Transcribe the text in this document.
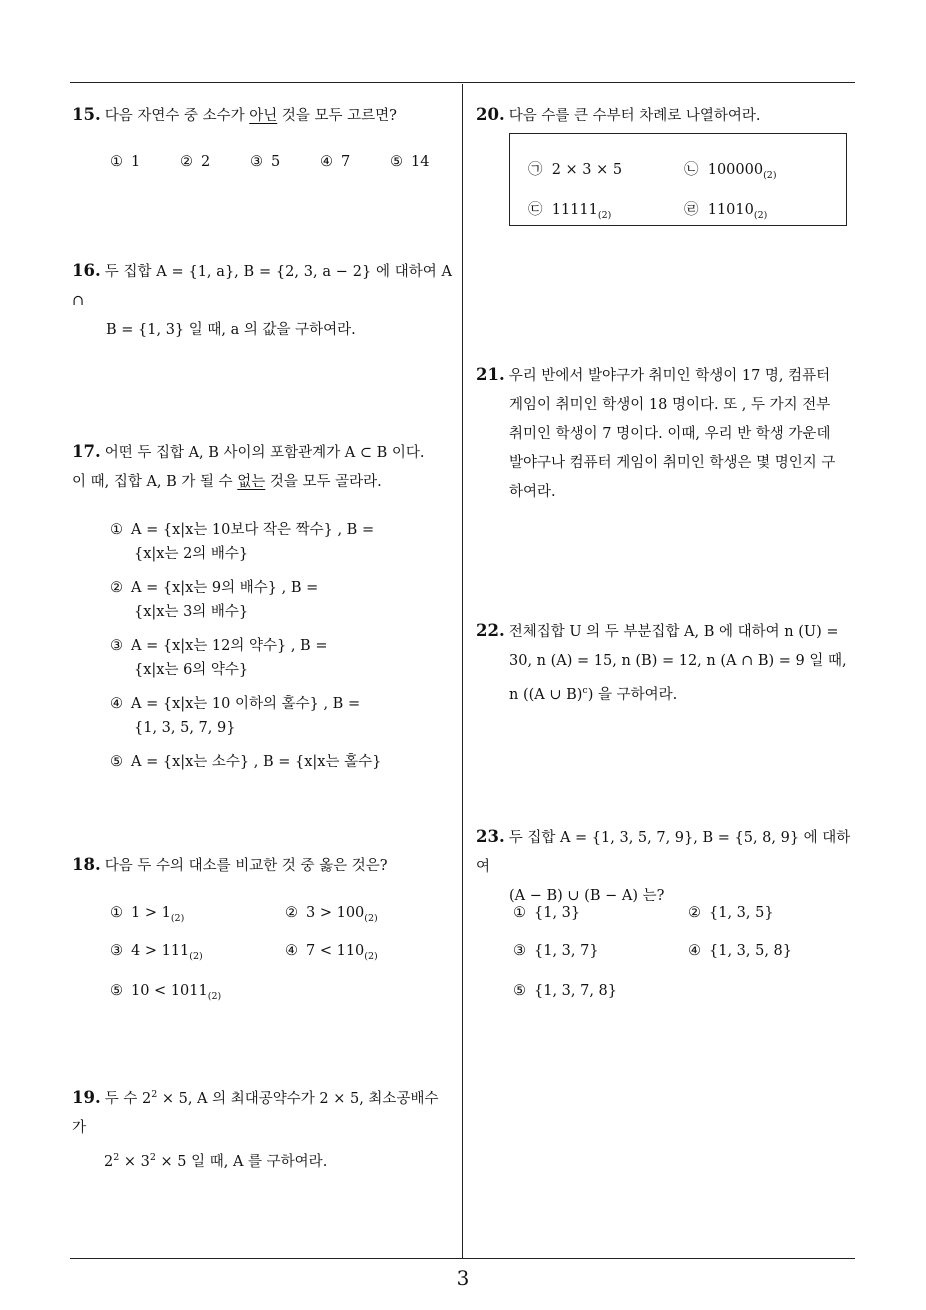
15. 다음 자연수 중 소수가 아닌 것을 모두 고르면?
① 1	② 2	③ 5	④ 7	⑤ 14
16. 두 집합 A = {1, a}, B = {2, 3, a − 2} 에 대하여 A ∩
B = {1, 3} 일 때, a 의 값을 구하여라.
17. 어떤 두 집합 A, B 사이의 포함관계가 A ⊂ B 이다.
이 때, 집합 A, B 가 될 수 없는 것을 모두 골라라.
① A = {x|x는 10보다 작은 짝수} , B =
{x|x는 2의 배수}
② A = {x|x는 9의 배수} , B =
{x|x는 3의 배수}
③ A = {x|x는 12의 약수} , B =
{x|x는 6의 약수}
④ A = {x|x는 10 이하의 홀수} , B =
{1, 3, 5, 7, 9}
⑤ A = {x|x는 소수} , B = {x|x는 홀수}
18. 다음 두 수의 대소를 비교한 것 중 옳은 것은?
① $1 > 1_{(2)}$	② $3 > 100_{(2)}$
③ $4 > 111_{(2)}$	④ $7 < 110_{(2)}$
⑤ $10 < 1011_{(2)}$
19. 두 수 $2^2 \times 5$, A 의 최대공약수가 2 × 5, 최소공배수가
$2^2 \times 3^2 \times 5$ 일 때, A 를 구하여라.
20. 다음 수를 큰 수부터 차례로 나열하여라.
㉠ 2 × 3 × 5	㉡ $100000_{(2)}$
㉢ $11111_{(2)}$	㉣ $11010_{(2)}$
21. 우리 반에서 발야구가 취미인 학생이 17 명, 컴퓨터
게임이 취미인 학생이 18 명이다. 또 , 두 가지 전부
취미인 학생이 7 명이다. 이때, 우리 반 학생 가운데
발야구나 컴퓨터 게임이 취미인 학생은 몇 명인지 구
하여라.
22. 전체집합 U 의 두 부분집합 A, B 에 대하여 n (U) =
30, n (A) = 15, n (B) = 12, n (A ∩ B) = 9 일 때,
n ((A ∪ B)$^c$) 을 구하여라.
23. 두 집합 A = {1, 3, 5, 7, 9}, B = {5, 8, 9} 에 대하여
(A − B) ∪ (B − A) 는?
① {1, 3}	② {1, 3, 5}
③ {1, 3, 7}	④ {1, 3, 5, 8}
⑤ {1, 3, 7, 8}
3
